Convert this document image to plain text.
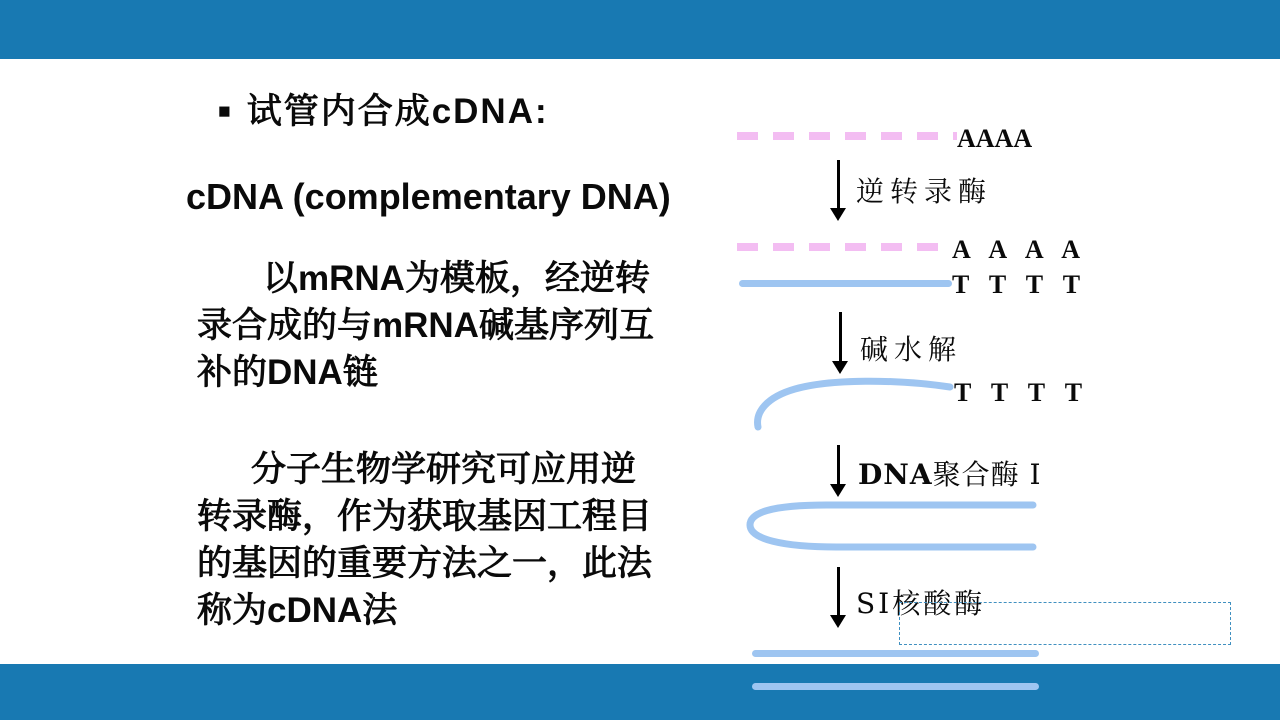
■ 试管内合成cDNA:
cDNA (complementary DNA)
以mRNA为模板，经逆转
录合成的与mRNA碱基序列互
补的DNA链
分子生物学研究可应用逆
转录酶，作为获取基因工程目
的基因的重要方法之一，此法
称为cDNA法
AAAA
逆转录酶
A A A A
T T T T
碱水解
T T T T
DNA聚合酶 I
SI核酸酶
